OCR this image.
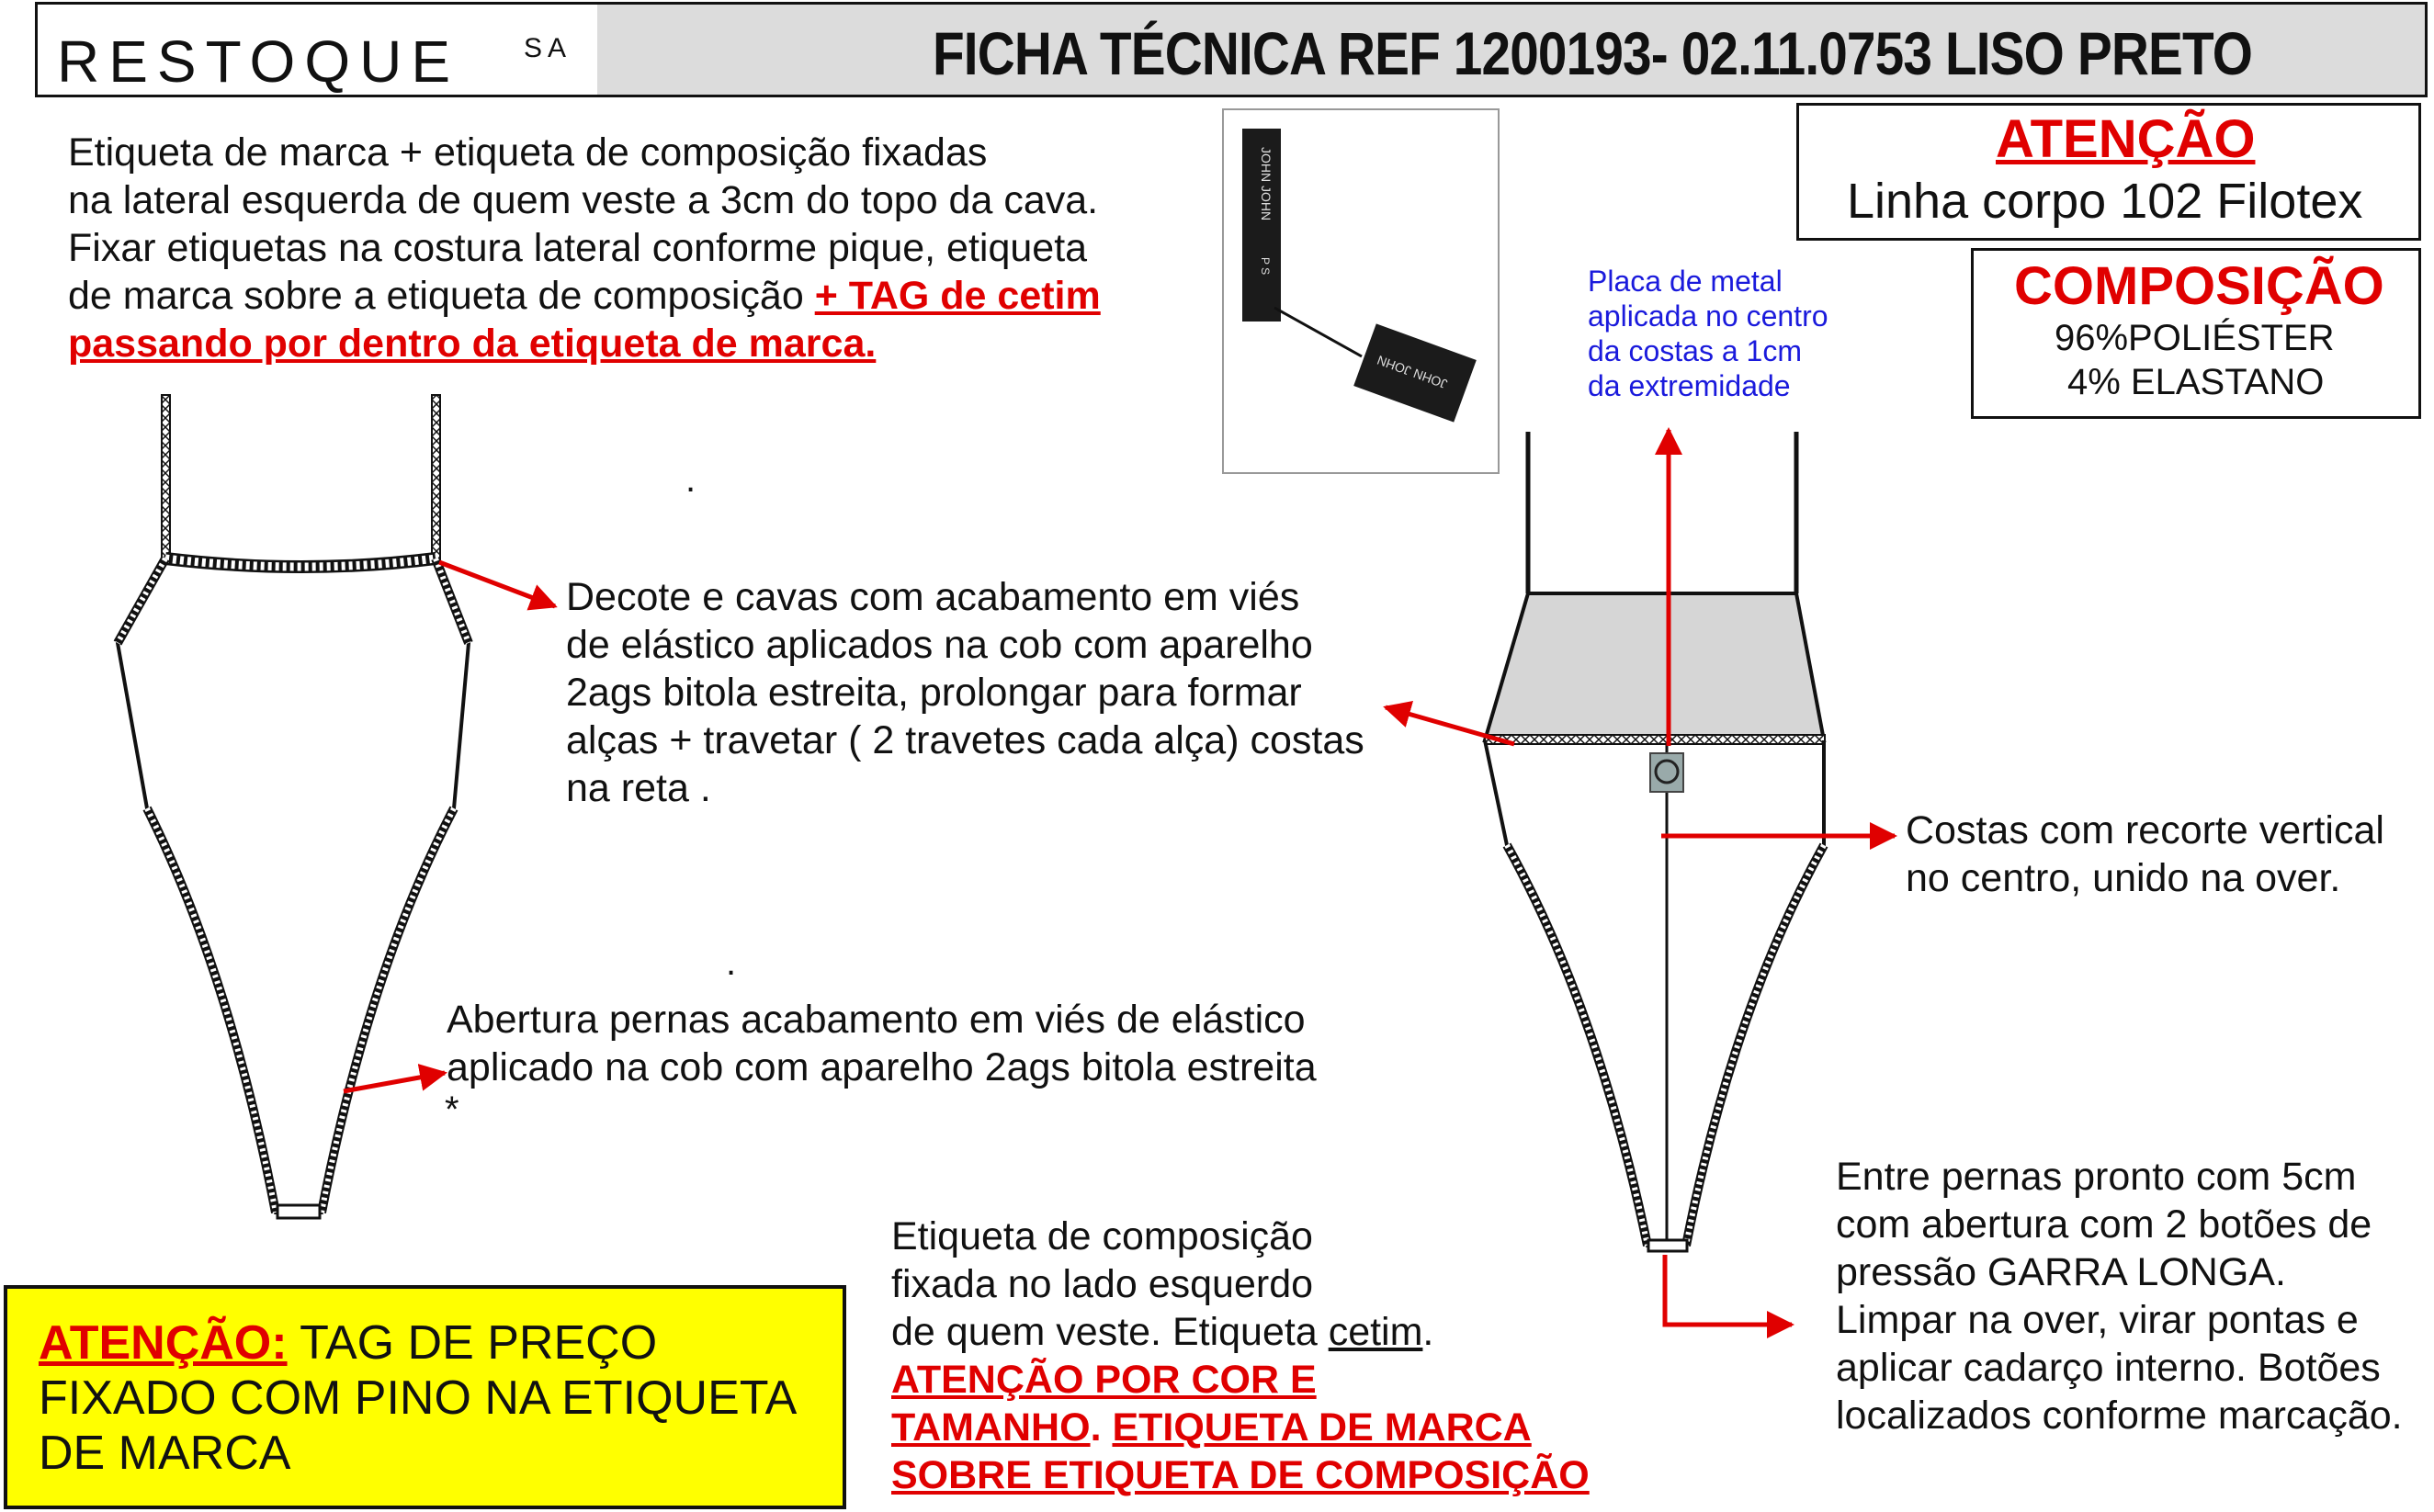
RESTOQUE SA	FICHA TÉCNICA REF 1200193- 02.11.0753 LISO PRETO
Etiqueta de marca + etiqueta de composição fixadas
na lateral esquerda de quem veste a 3cm do topo da cava.
Fixar etiquetas na costura lateral conforme pique, etiqueta
de marca sobre a etiqueta de composição + TAG de cetim
passando por dentro da etiqueta de marca.
JOHN JOHN
P S
JOHN JOHN
ATENÇÃO
Linha corpo 102 Filotex
COMPOSIÇÃO
96%POLIÉSTER
4% ELASTANO
Placa de metal
aplicada no centro
da costas a 1cm
da extremidade
Decote e cavas com acabamento em viés
de elástico aplicados na cob com aparelho
2ags bitola estreita, prolongar para formar
alças + travetar ( 2 travetes cada alça) costas
na reta .
Costas com recorte vertical
no centro, unido na over.
Abertura pernas acabamento em viés de elástico
aplicado na cob com aparelho 2ags bitola estreita
*
.
.
Entre pernas pronto com 5cm
com abertura com 2 botões de
pressão GARRA LONGA.
Limpar na over, virar pontas e
aplicar cadarço interno. Botões
localizados conforme marcação.
Etiqueta de composição
fixada no lado esquerdo
de quem veste. Etiqueta cetim.
ATENÇÃO POR COR E
TAMANHO. ETIQUETA DE MARCA
SOBRE ETIQUETA DE COMPOSIÇÃO
ATENÇÃO: TAG DE PREÇO
FIXADO COM PINO NA ETIQUETA
DE MARCA
